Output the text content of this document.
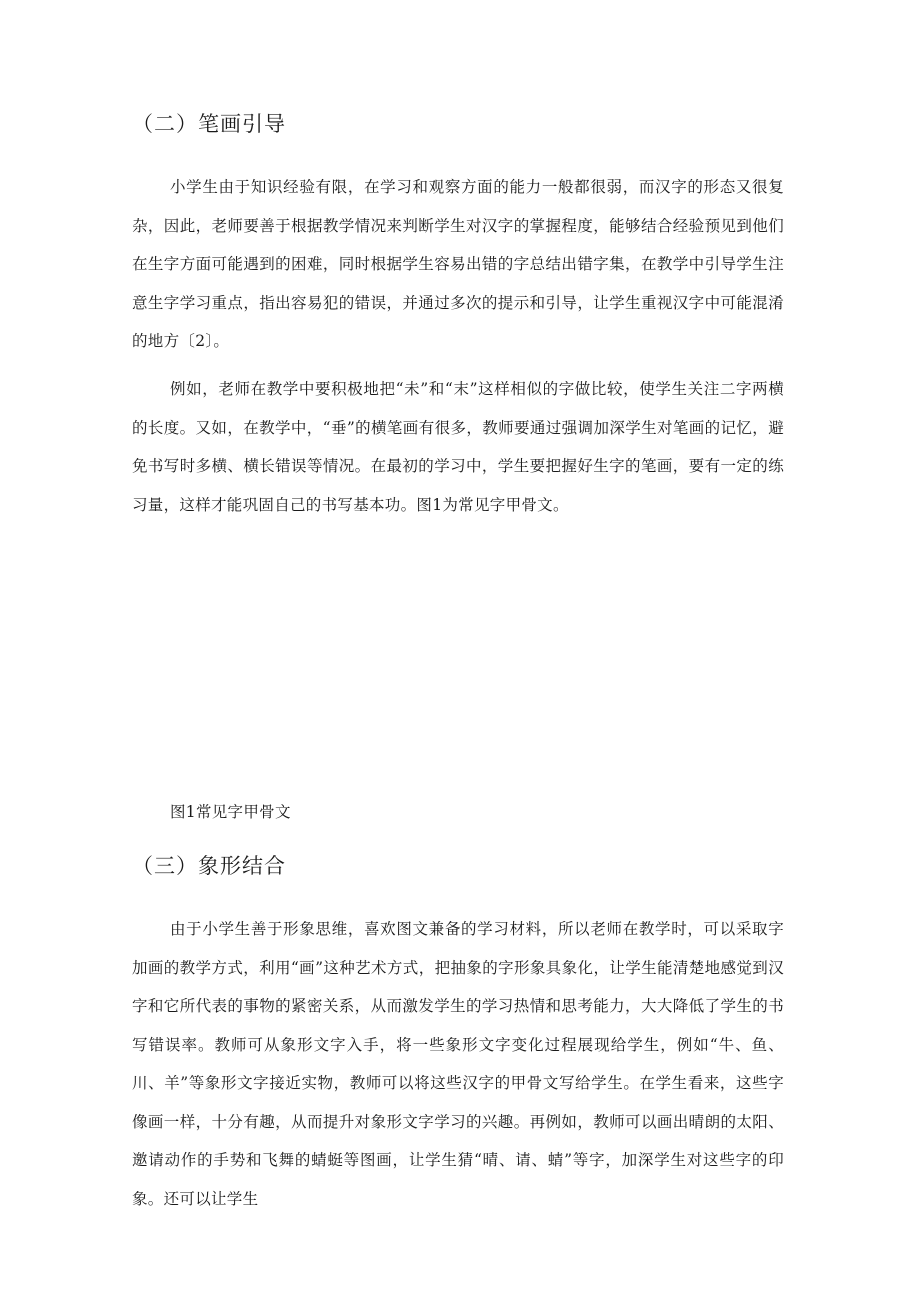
（二）笔画引导

小学生由于知识经验有限，在学习和观察方面的能力一般都很弱，而汉字的形态又很复杂，因此，老师要善于根据教学情况来判断学生对汉字的掌握程度，能够结合经验预见到他们在生字方面可能遇到的困难，同时根据学生容易出错的字总结出错字集，在教学中引导学生注意生字学习重点，指出容易犯的错误，并通过多次的提示和引导，让学生重视汉字中可能混淆的地方〔2〕。

例如，老师在教学中要积极地把“未”和“末”这样相似的字做比较，使学生关注二字两横的长度。又如，在教学中，“垂”的横笔画有很多，教师要通过强调加深学生对笔画的记忆，避免书写时多横、横长错误等情况。在最初的学习中，学生要把握好生字的笔画，要有一定的练习量，这样才能巩固自己的书写基本功。图1为常见字甲骨文。

图1常见字甲骨文

（三）象形结合

由于小学生善于形象思维，喜欢图文兼备的学习材料，所以老师在教学时，可以采取字加画的教学方式，利用“画”这种艺术方式，把抽象的字形象具象化，让学生能清楚地感觉到汉字和它所代表的事物的紧密关系，从而激发学生的学习热情和思考能力，大大降低了学生的书写错误率。教师可从象形文字入手，将一些象形文字变化过程展现给学生，例如“牛、鱼、川、羊”等象形文字接近实物，教师可以将这些汉字的甲骨文写给学生。在学生看来，这些字像画一样，十分有趣，从而提升对象形文字学习的兴趣。再例如，教师可以画出晴朗的太阳、邀请动作的手势和飞舞的蜻蜓等图画，让学生猜“晴、请、蜻”等字，加深学生对这些字的印象。还可以让学生
